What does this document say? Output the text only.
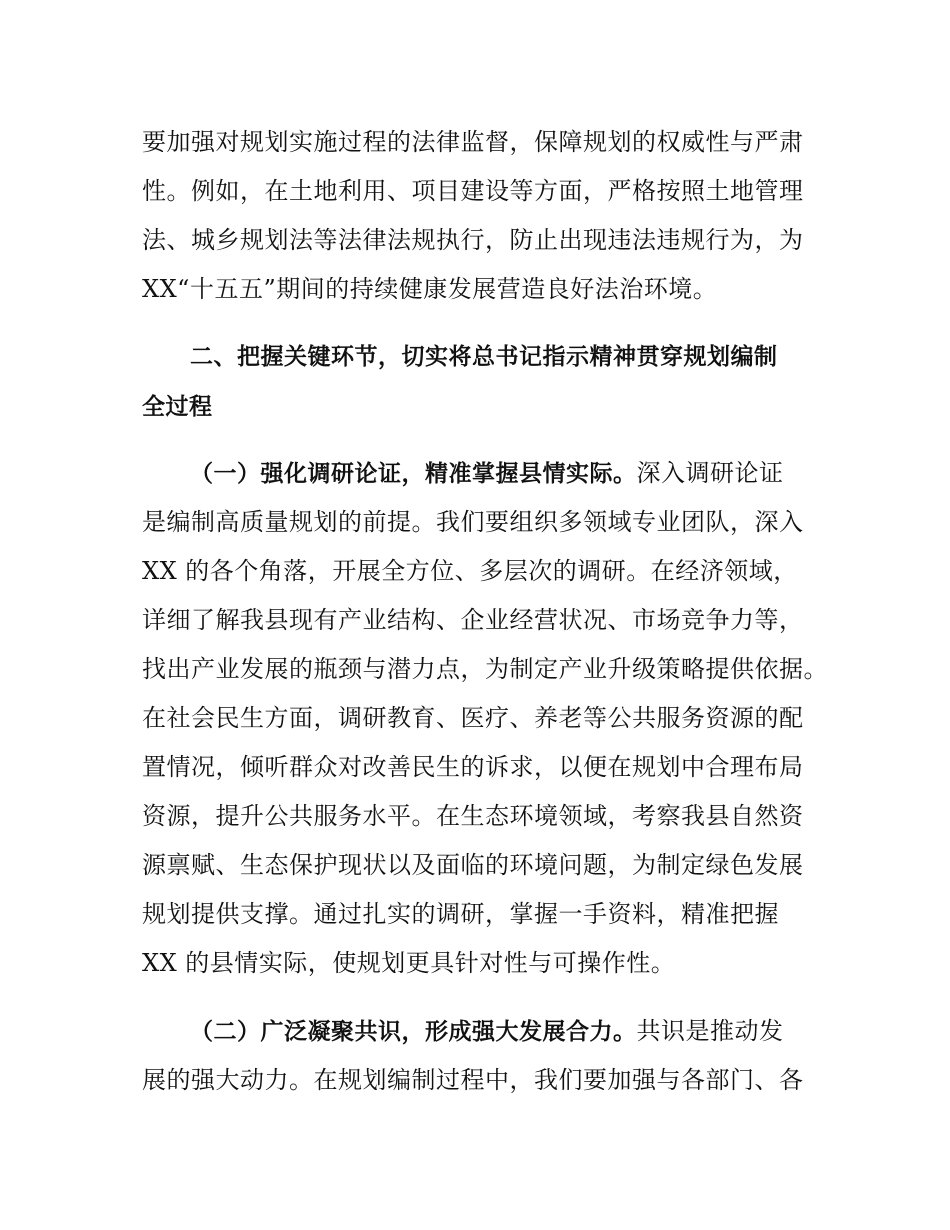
要加强对规划实施过程的法律监督，保障规划的权威性与严肃
性。例如，在土地利用、项目建设等方面，严格按照土地管理
法、城乡规划法等法律法规执行，防止出现违法违规行为，为
XX“十五五”期间的持续健康发展营造良好法治环境。
二、把握关键环节，切实将总书记指示精神贯穿规划编制
全过程
（一）强化调研论证，精准掌握县情实际。深入调研论证
是编制高质量规划的前提。我们要组织多领域专业团队，深入
XX 的各个角落，开展全方位、多层次的调研。在经济领域，
详细了解我县现有产业结构、企业经营状况、市场竞争力等，
找出产业发展的瓶颈与潜力点，为制定产业升级策略提供依据。
在社会民生方面，调研教育、医疗、养老等公共服务资源的配
置情况，倾听群众对改善民生的诉求，以便在规划中合理布局
资源，提升公共服务水平。在生态环境领域，考察我县自然资
源禀赋、生态保护现状以及面临的环境问题，为制定绿色发展
规划提供支撑。通过扎实的调研，掌握一手资料，精准把握
XX 的县情实际，使规划更具针对性与可操作性。
（二）广泛凝聚共识，形成强大发展合力。共识是推动发
展的强大动力。在规划编制过程中，我们要加强与各部门、各
